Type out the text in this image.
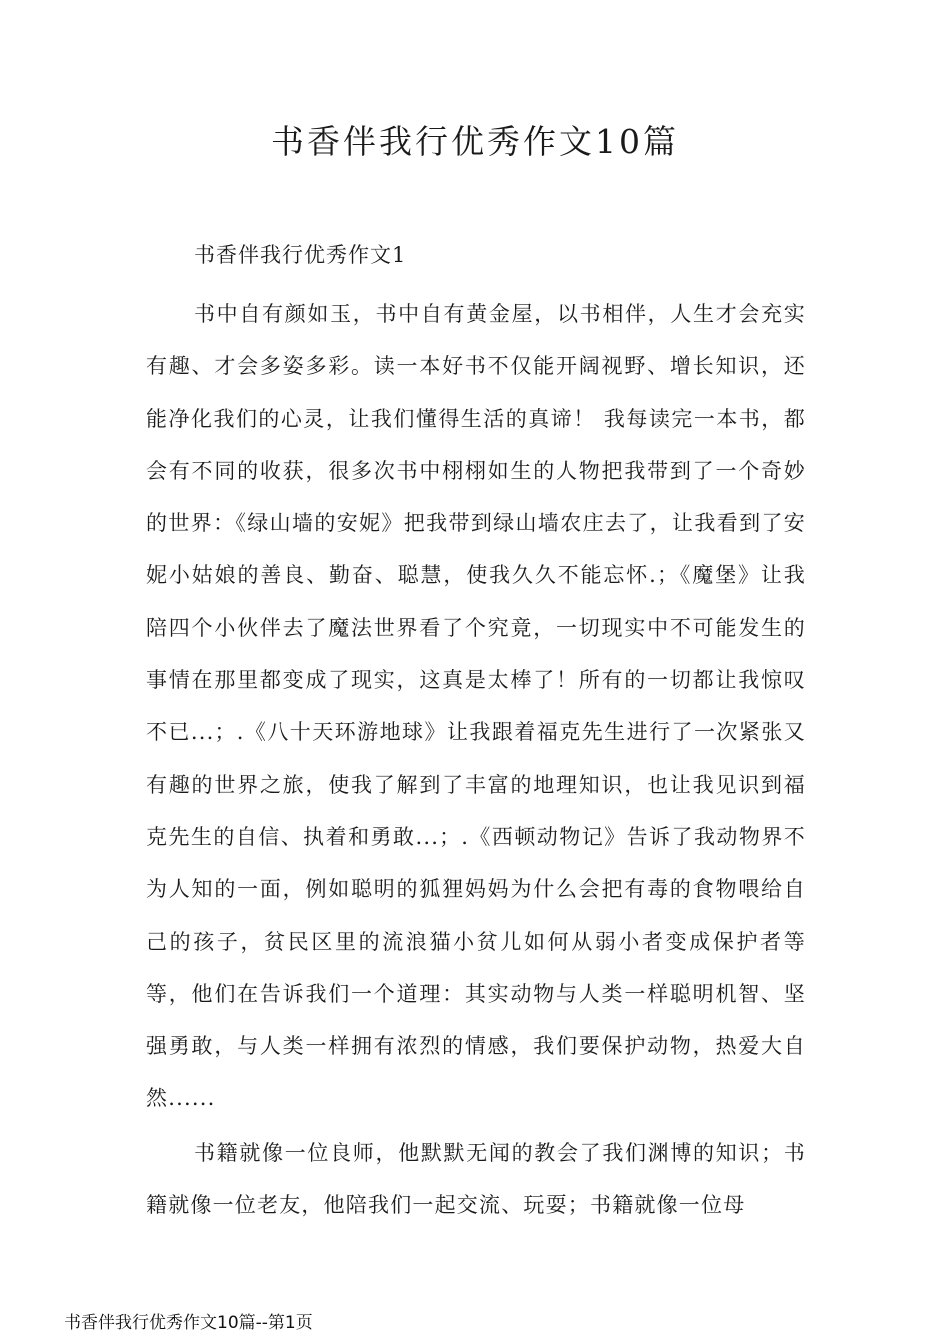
书香伴我行优秀作文10篇
书香伴我行优秀作文1

书中自有颜如玉，书中自有黄金屋，以书相伴，人生才会充实有趣、才会多姿多彩。读一本好书不仅能开阔视野、增长知识，还能净化我们的心灵，让我们懂得生活的真谛！ 我每读完一本书，都会有不同的收获，很多次书中栩栩如生的人物把我带到了一个奇妙的世界：《绿山墙的安妮》把我带到绿山墙农庄去了，让我看到了安妮小姑娘的善良、勤奋、聪慧，使我久久不能忘怀.；《魔堡》让我陪四个小伙伴去了魔法世界看了个究竟，一切现实中不可能发生的事情在那里都变成了现实，这真是太棒了！所有的一切都让我惊叹不已...；.《八十天环游地球》让我跟着福克先生进行了一次紧张又有趣的世界之旅，使我了解到了丰富的地理知识，也让我见识到福克先生的自信、执着和勇敢...；.《西顿动物记》告诉了我动物界不为人知的一面，例如聪明的狐狸妈妈为什么会把有毒的食物喂给自己的孩子，贫民区里的流浪猫小贫儿如何从弱小者变成保护者等等，他们在告诉我们一个道理：其实动物与人类一样聪明机智、坚强勇敢，与人类一样拥有浓烈的情感，我们要保护动物，热爱大自然......

书籍就像一位良师，他默默无闻的教会了我们渊博的知识；书籍就像一位老友，他陪我们一起交流、玩耍；书籍就像一位母

书香伴我行优秀作文10篇--第1页
